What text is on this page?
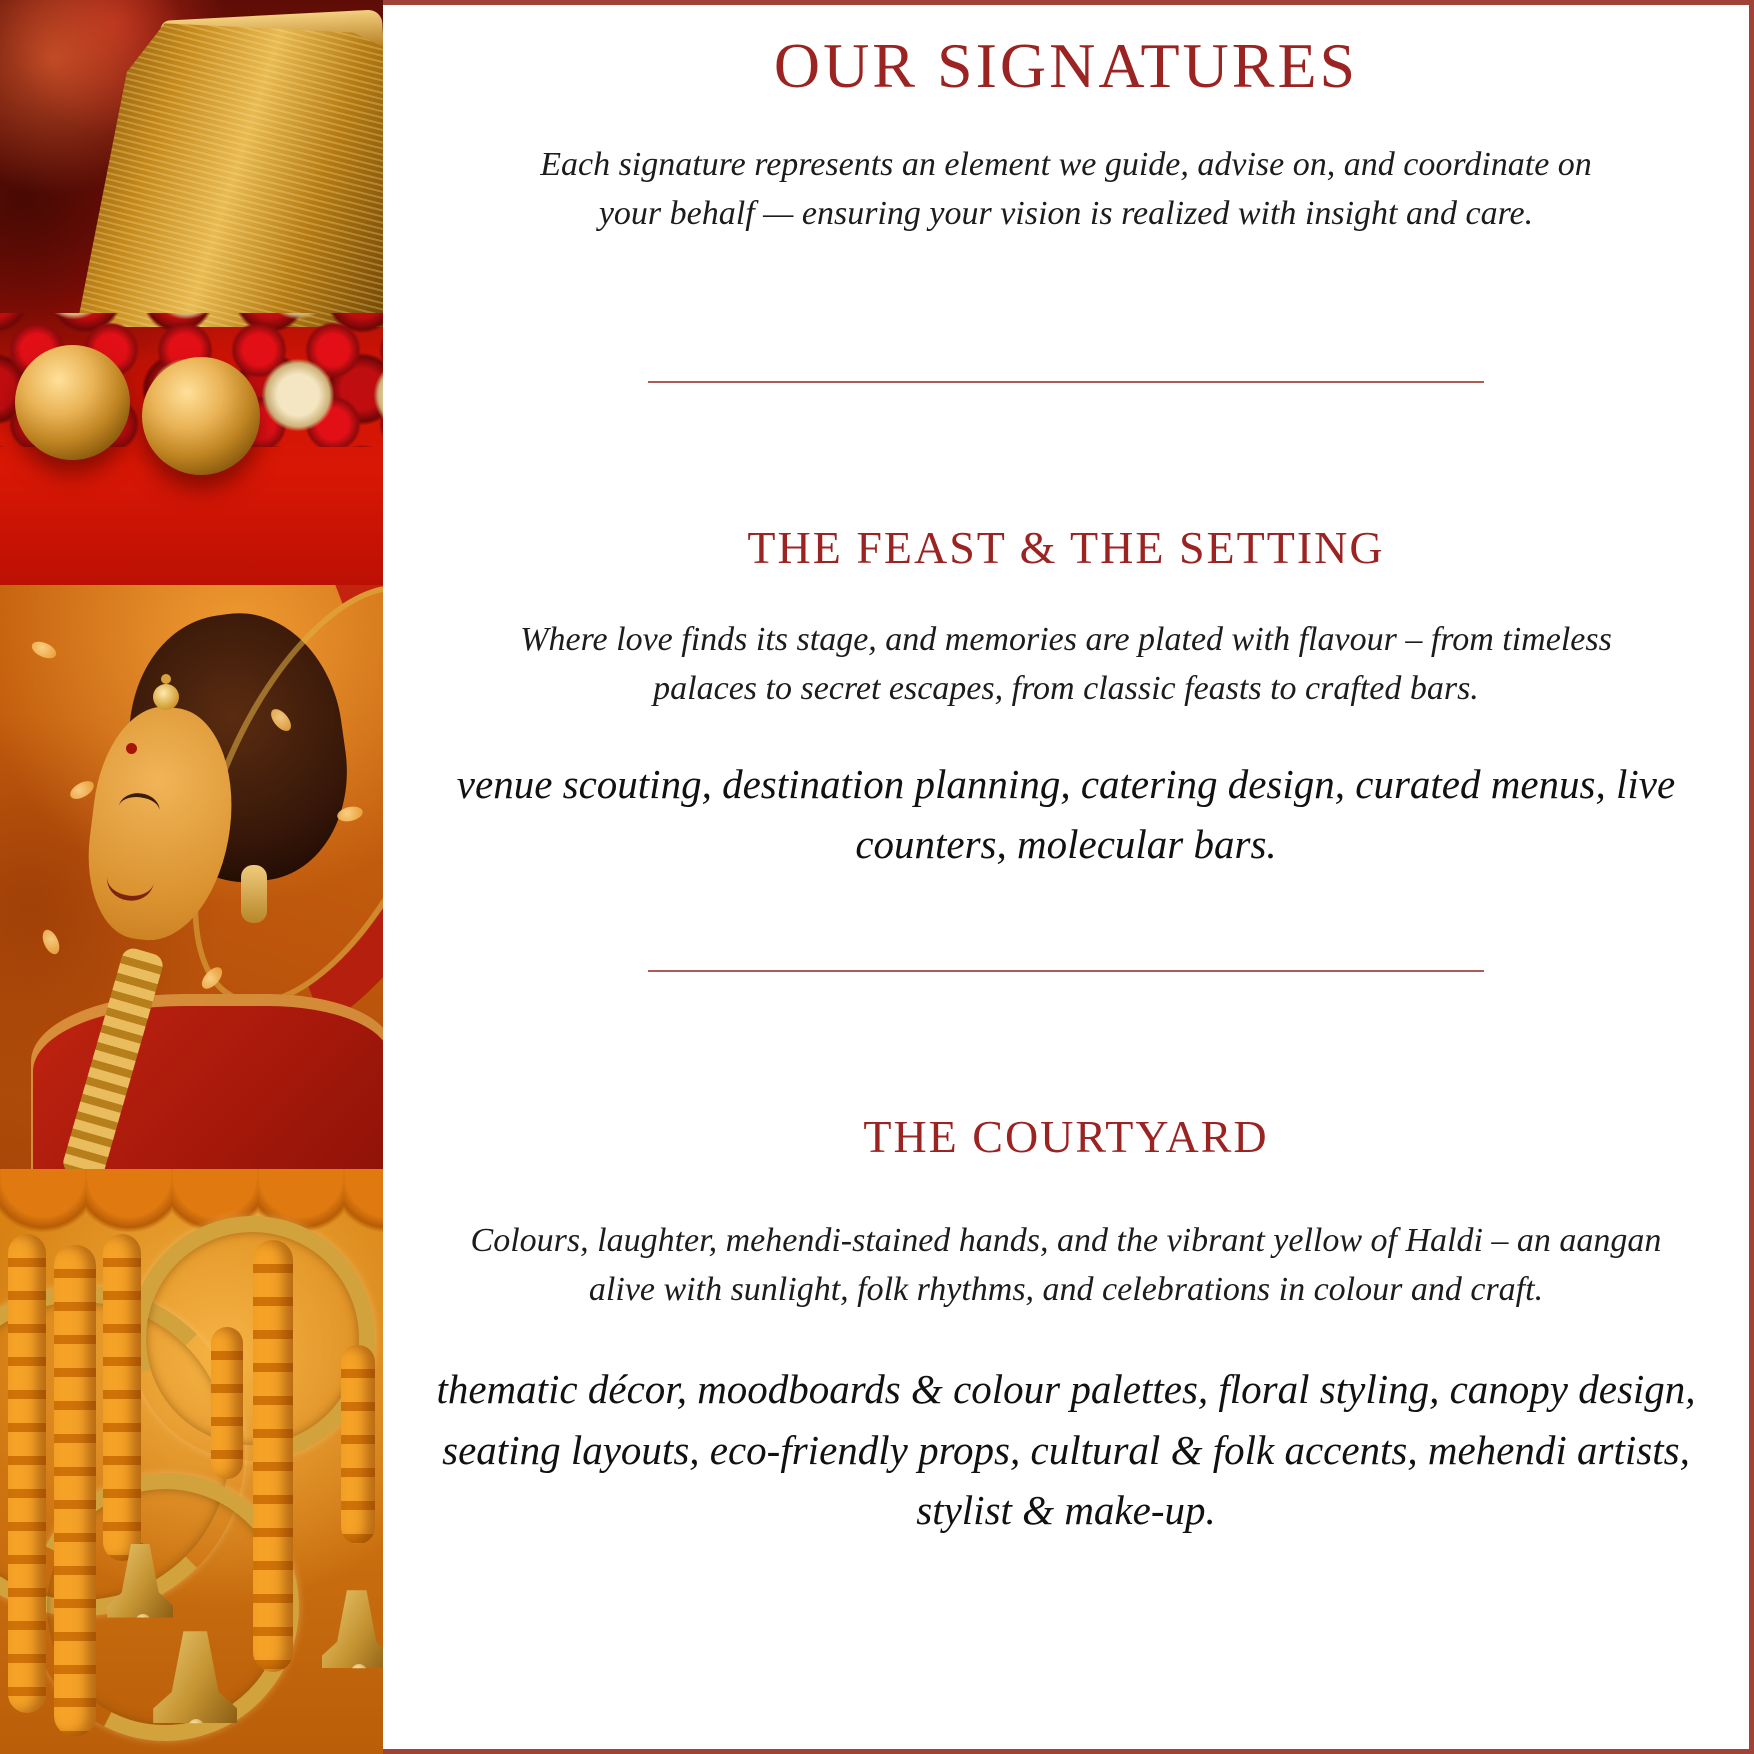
OUR SIGNATURES

Each signature represents an element we guide, advise on, and coordinate on your behalf — ensuring your vision is realized with insight and care.

THE FEAST & THE SETTING

Where love finds its stage, and memories are plated with flavour – from timeless palaces to secret escapes, from classic feasts to crafted bars.

venue scouting, destination planning, catering design, curated menus, live counters, molecular bars.

THE COURTYARD

Colours, laughter, mehendi-stained hands, and the vibrant yellow of Haldi – an aangan alive with sunlight, folk rhythms, and celebrations in colour and craft.

thematic décor, moodboards & colour palettes, floral styling, canopy design, seating layouts, eco-friendly props, cultural & folk accents, mehendi artists, stylist & make-up.
